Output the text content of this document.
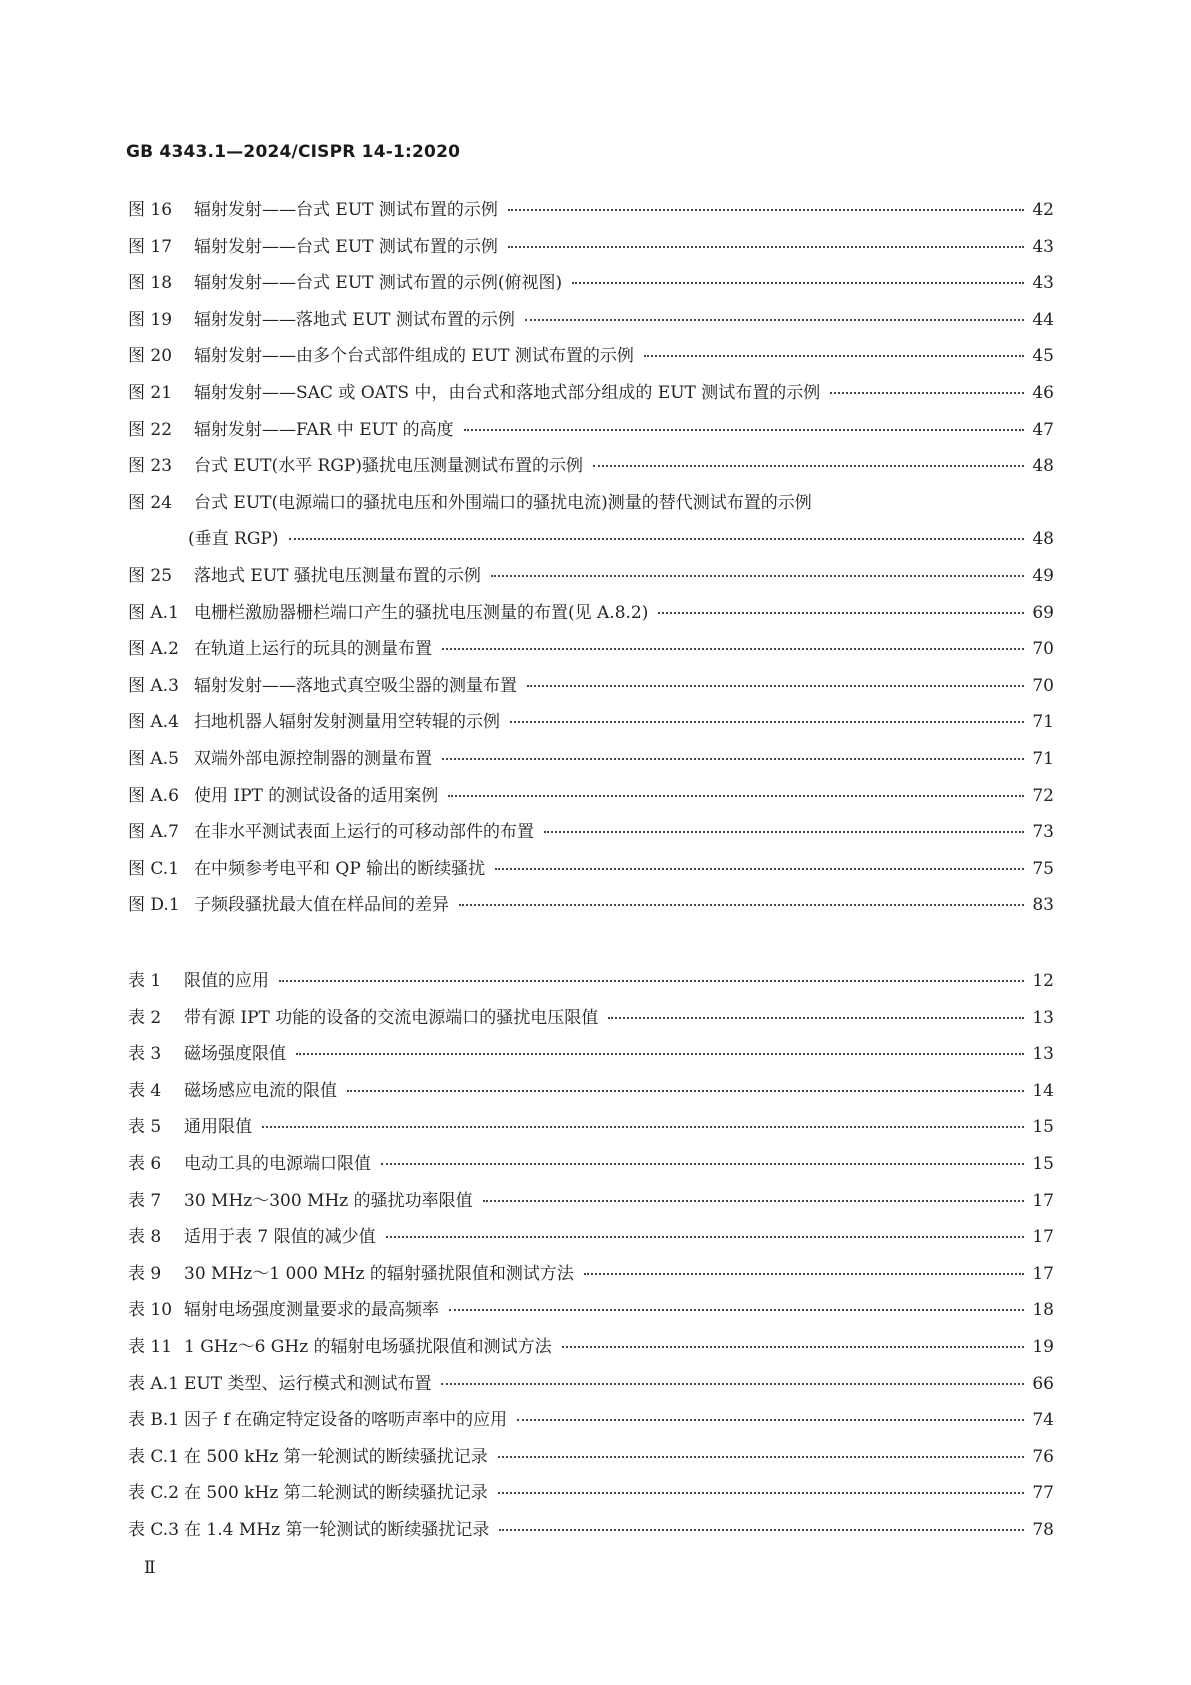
GB 4343.1—2024/CISPR 14-1:2020
图 16	辐射发射——台式 EUT 测试布置的示例	42
图 17	辐射发射——台式 EUT 测试布置的示例	43
图 18	辐射发射——台式 EUT 测试布置的示例(俯视图)	43
图 19	辐射发射——落地式 EUT 测试布置的示例	44
图 20	辐射发射——由多个台式部件组成的 EUT 测试布置的示例	45
图 21	辐射发射——SAC 或 OATS 中，由台式和落地式部分组成的 EUT 测试布置的示例	46
图 22	辐射发射——FAR 中 EUT 的高度	47
图 23	台式 EUT(水平 RGP)骚扰电压测量测试布置的示例	48
图 24	台式 EUT(电源端口的骚扰电压和外围端口的骚扰电流)测量的替代测试布置的示例
(垂直 RGP)	48
图 25	落地式 EUT 骚扰电压测量布置的示例	49
图 A.1 电栅栏激励器栅栏端口产生的骚扰电压测量的布置(见 A.8.2)	69
图 A.2 在轨道上运行的玩具的测量布置	70
图 A.3 辐射发射——落地式真空吸尘器的测量布置	70
图 A.4 扫地机器人辐射发射测量用空转辊的示例	71
图 A.5 双端外部电源控制器的测量布置	71
图 A.6 使用 IPT 的测试设备的适用案例	72
图 A.7 在非水平测试表面上运行的可移动部件的布置	73
图 C.1 在中频参考电平和 QP 输出的断续骚扰	75
图 D.1 子频段骚扰最大值在样品间的差异	83
表 1	限值的应用	12
表 2	带有源 IPT 功能的设备的交流电源端口的骚扰电压限值	13
表 3	磁场强度限值	13
表 4	磁场感应电流的限值	14
表 5	通用限值	15
表 6	电动工具的电源端口限值	15
表 7	30 MHz～300 MHz 的骚扰功率限值	17
表 8	适用于表 7 限值的减少值	17
表 9	30 MHz～1 000 MHz 的辐射骚扰限值和测试方法	17
表 10 辐射电场强度测量要求的最高频率	18
表 11 1 GHz～6 GHz 的辐射电场骚扰限值和测试方法	19
表 A.1 EUT 类型、运行模式和测试布置	66
表 B.1 因子 f 在确定特定设备的喀呖声率中的应用	74
表 C.1 在 500 kHz 第一轮测试的断续骚扰记录	76
表 C.2 在 500 kHz 第二轮测试的断续骚扰记录	77
表 C.3 在 1.4 MHz 第一轮测试的断续骚扰记录	78
Ⅱ
